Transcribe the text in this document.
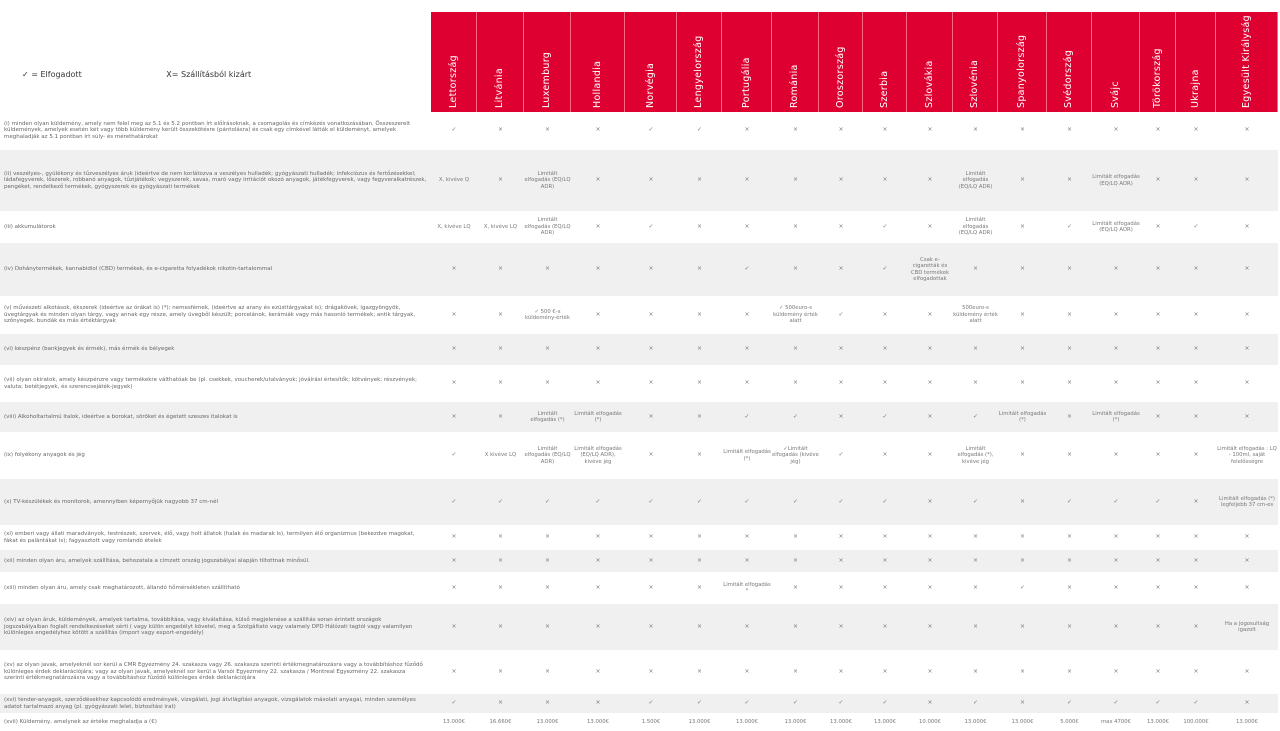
✓ = Elfogadott	X= Szállításból kizárt	Lettország	Litvánia	Luxemburg	Hollandia	Norvégia	Lengyelország	Portugália	Románia	Oroszország	Szerbia	Szlovákia	Szlovénia	Spanyolország	Svédország	Svájc	Törökország	Ukrajna	Egyesült Királyság
(i) minden olyan küldemény, amely nem felel meg az 5.1 és 5.2 pontban írt előírásoknak, a csomagolás és címkézés vonatkozásában. Összeszerelt küldemények, amelyek esetén két vagy több küldemény került összekötésre (pántolásra) és csak egy címkével látták el küldeményt, amelyek meghaladják az 5.1 pontban írt súly- és mérethatárokat	✓	×	×	×	✓	✓	×	×	×	×	×	×	×	×	×	×	×	×
(ii) veszélyes-, gyúlékony és tűzveszélyes áruk (ideértve de nem korlátozva a veszélyes hulladék; gyógyászati hulladék; infekciózus és fertőzésekkel; ládafegyverek, lőszerek, robbanó anyagok, tűzijátékok; vegyszerek, savas, maró vagy irritációt okozó anyagok, játékfegyverek, vagy fegyveralkatrészek, pengéket, rendelkező termékek, gyógyszerek és gyógyászati termékek	X, kivéve Q	×	Limitált elfogadás (EQ/LQ ADR)	×	×	×	×	×	×	×	×	Limitált elfogadás (EQ/LQ ADR)	×	×	Limitált elfogadás (EQ/LQ ADR)	×	×	×
(iii) akkumulátorok	X, kivéve LQ	X, kivéve LQ	Limitált elfogadás (EQ/LQ ADR)	×	✓	×	×	×	×	✓	×	Limitált elfogadás (EQ/LQ ADR)	×	✓	Limitált elfogadás (EQ/LQ ADR)	×	✓	×
(iv) Dohánytermékek, kannabidiol (CBD) termékek, és e-cigaretta folyadékok nikotin-tartalommal	×	×	×	×	×	×	✓	×	×	✓	Csak e-cigaretták és CBD termékek elfogadottak	×	×	×	×	×	×	×
(v) művészeti alkotások, ékszerek (ideértve az órákat is) (*); nemesfémek, (ideértve az arany és ezüsttárgyakat is); drágakövek, igazgyöngyök, üvegtárgyak és minden olyan tárgy, vagy annak egy része, amely üvegből készült; porcelánok, kerámiák vagy más hasonló termékek; antik tárgyak, szőnyegek, bundák és más értéktárgyak	×	×	✓ 500 €-s küldemény-érték	×	×	×	×	✓ 500euro-s küldemény érték alatt	✓	×	×	500euro-s küldemény érték alatt	×	×	×	×	×	×
(vi) készpénz (bankjegyek és érmék), más érmék és bélyegek	×	×	×	×	×	×	×	×	×	×	×	×	×	×	×	×	×	×
(vii) olyan okiratok, amely készpénzre vagy termékekre válthatóak be (pl. csekkek, voucherek/utalványok; jóváírási értesítők; kötvények; részvények; valuta; betétjegyek, és szerencsejáték-jegyek)	×	×	×	×	×	×	×	×	×	×	×	×	×	×	×	×	×	×
(viii) Alkoholtartalmú italok, ideértve a borokat, söröket és égetett szeszes italokat is	×	×	Limitált elfogadás (*)	Limitált elfogadás (*)	×	×	✓	✓	×	✓	×	✓	Limitált elfogadás (*)	×	Limitált elfogadás (*)	×	×	×
(ix) folyékony anyagok és jég	✓	X kivéve LQ	Limitált elfogadás (EQ/LQ ADR)	Limitált elfogadás (EQ/LQ ADR), kivéve jég	×	×	Limitált elfogadás (*)	✓Limitált elfogadás (kivéve jég)	✓	×	×	Limitált elfogadás (*), kivéve jég	×	×	×	×	×	Limitált elfogadás : LQ - 100ml, saját felelősségre
(x) TV-készülékek és monitorok, amennyiben képernyőjük nagyobb 37 cm-nél	✓	✓	✓	✓	✓	✓	✓	✓	✓	✓	×	✓	×	✓	✓	✓	×	Limitált elfogadás (*) legfeljebb 37 cm-es
(xi) emberi vagy állati maradványok, testrészek, szervek, élő, vagy holt állatok (halak és madarak is), termilyen élő organizmus (bekezdve magokat, fákat és palántákat is); fagyasztott vagy romlandó ételek	×	×	×	×	×	×	×	×	×	×	×	×	×	×	×	×	×	×
(xii) minden olyan áru, amelyek szállítása, behozatala a címzett ország jogszabályai alapján tiltottnak minősül.	×	×	×	×	×	×	×	×	×	×	×	×	×	×	×	×	×	×
(xiii) minden olyan áru, amely csak meghatározott, állandó hőmérsékleten szállítható	×	×	×	×	×	×	Limitált elfogadás *	×	×	×	×	×	✓	×	×	×	×	×
(xiv) az olyan áruk, küldemények, amelyek tartalma, továbbítása, vagy kiválaltása, külső megjelenése a szállítás soran érintett országok jogszabályaiban foglalt rendelkezéseket sérti ( vagy külön engedélyt követel, meg a Szolgáltató vagy valamely DPD Hálózati tagtól vagy valamilyen különleges engedélyhez kötött a szállítás (import vagy export-engedély)	×	×	×	×	×	×	×	×	×	×	×	×	×	×	×	×	×	Ha a jogosultság igazolt
(xv) az olyan javak, amelyeknél sor kerül a CMR Egyezmény 24. szakasza vagy 26. szakasza szerinti értékmegnatározásra vagy a továbbításhoz fűződő különleges érdek deklarációjára; vagy az olyan javak, amelyeknél sor kerül a Varsói Egyezmény 22. szakasza / Montreal Egyezmény 22. szakasza szerinti értékmegnatározásra vagy a továbbításhoz fűződő különleges érdek deklarációjára	×	×	×	×	×	×	×	×	×	×	×	×	×	×	×	×	×	×
(xvi) tender-anyagok, szerződésekhez kapcsolódó eredmények, vizsgálati, jogi átvilágítási anyagok, vizsgálatok másolati anyagai, minden személyes adatot tartalmazó anyag (pl. gyógyászati lelet, biztosítási irat)	✓	×	×	×	✓	✓	✓	✓	✓	✓	×	✓	×	✓	✓	✓	✓	×
(xvii) Küldemény, amelynek az értéke meghaladja a (€)	13.000€	16.660€	13.000€	13.000€	1.500€	13.000€	13.000€	13.000€	13.000€	13.000€	10.000€	13.000€	13.000€	5.000€	max 4700€	13.000€	100.000€	13.000€
